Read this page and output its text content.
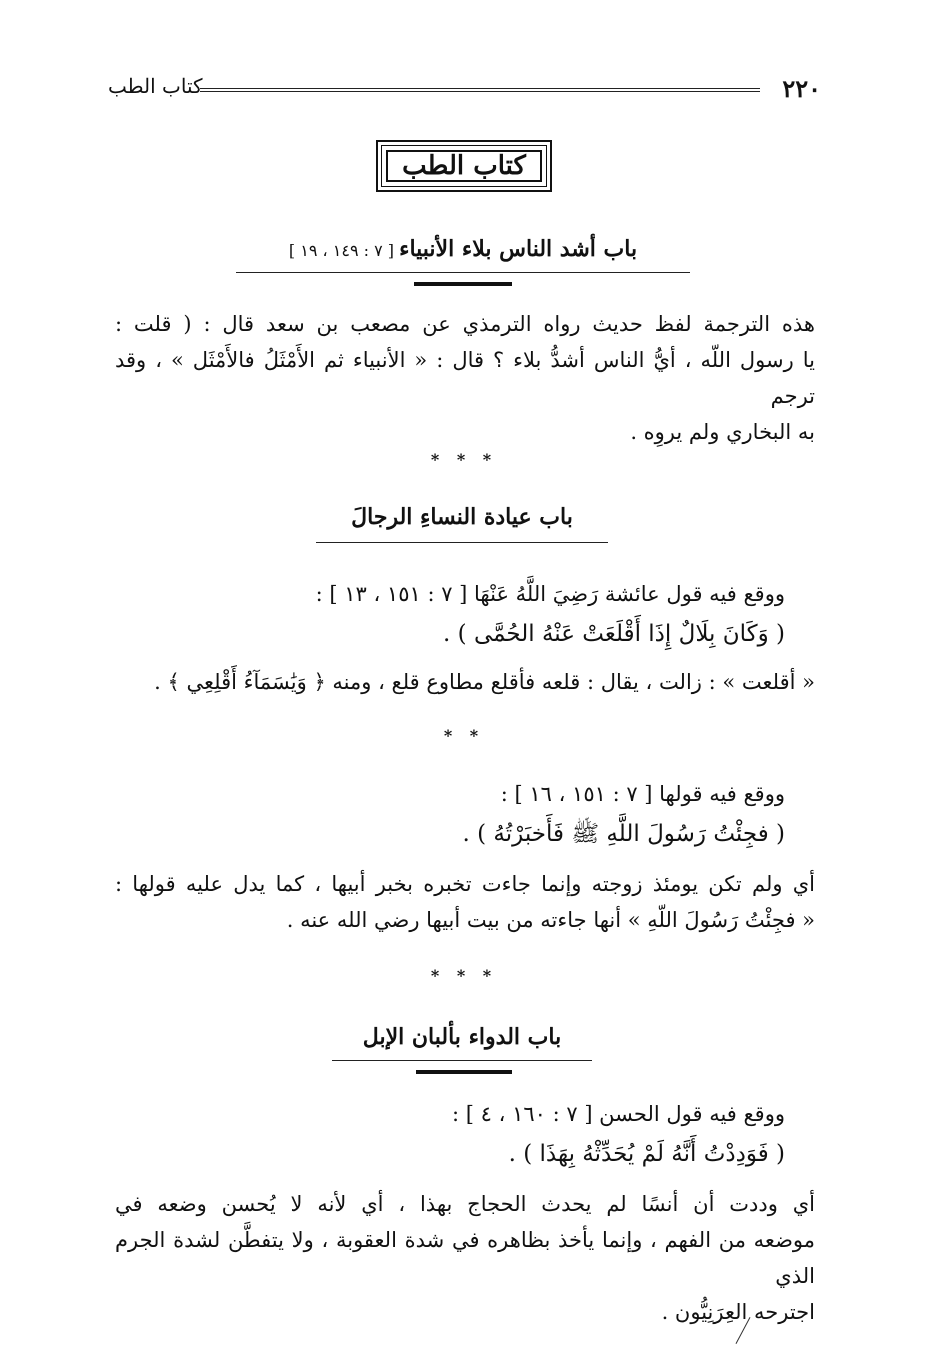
٢٢٠
كتاب الطب
كتاب الطب
باب أشد الناس بلاء الأنبياء [ ٧ : ١٤٩ ، ١٩ ]
هذه الترجمة لفظ حديث رواه الترمذي عن مصعب بن سعد قال : ( قلت :
يا رسول اللّه ، أيُّ الناس أشدُّ بلاء ؟ قال : « الأنبياء ثم الأَمْثَلُ فالأَمْثَل » ، وقد ترجم
به البخاري ولم يروِه .
* * *
باب عيادة النساءِ الرجالَ
ووقع فيه قول عائشة رَضِيَ اللَّهُ عَنْهَا [ ٧ : ١٥١ ، ١٣ ] :
( وَكَانَ بِلَالٌ إِذَا أَقْلَعَتْ عَنْهُ الحُمَّى ) .
« أقلعت » : زالت ، يقال : قلعه فأقلع مطاوع قلع ، ومنه ﴿ وَيَٰسَمَآءُ أَقْلِعِي ﴾ .
* *
ووقع فيه قولها [ ٧ : ١٥١ ، ١٦ ] :
( فجِئْتُ رَسُولَ اللَّهِ ﷺ فَأَخبَرْتُهُ ) .
أي ولم تكن يومئذ زوجته وإنما جاءت تخبره بخبر أبيها ، كما يدل عليه قولها :
« فجِئْتُ رَسُولَ اللّهِ » أنها جاءته من بيت أبيها رضي الله عنه .
* * *
باب الدواء بألبان الإبل
ووقع فيه قول الحسن [ ٧ : ١٦٠ ، ٤ ] :
( فَوَدِدْتُ أَنَّهُ لَمْ يُحَدِّثْهُ بِهَذَا ) .
أي وددت أن أنسًا لم يحدث الحجاج بهذا ، أي لأنه لا يُحسن وضعه في
موضعه من الفهم ، وإنما يأخذ بظاهره في شدة العقوبة ، ولا يتفطَّن لشدة الجرم الذي
اجترحه العِرَنِيُّون .
